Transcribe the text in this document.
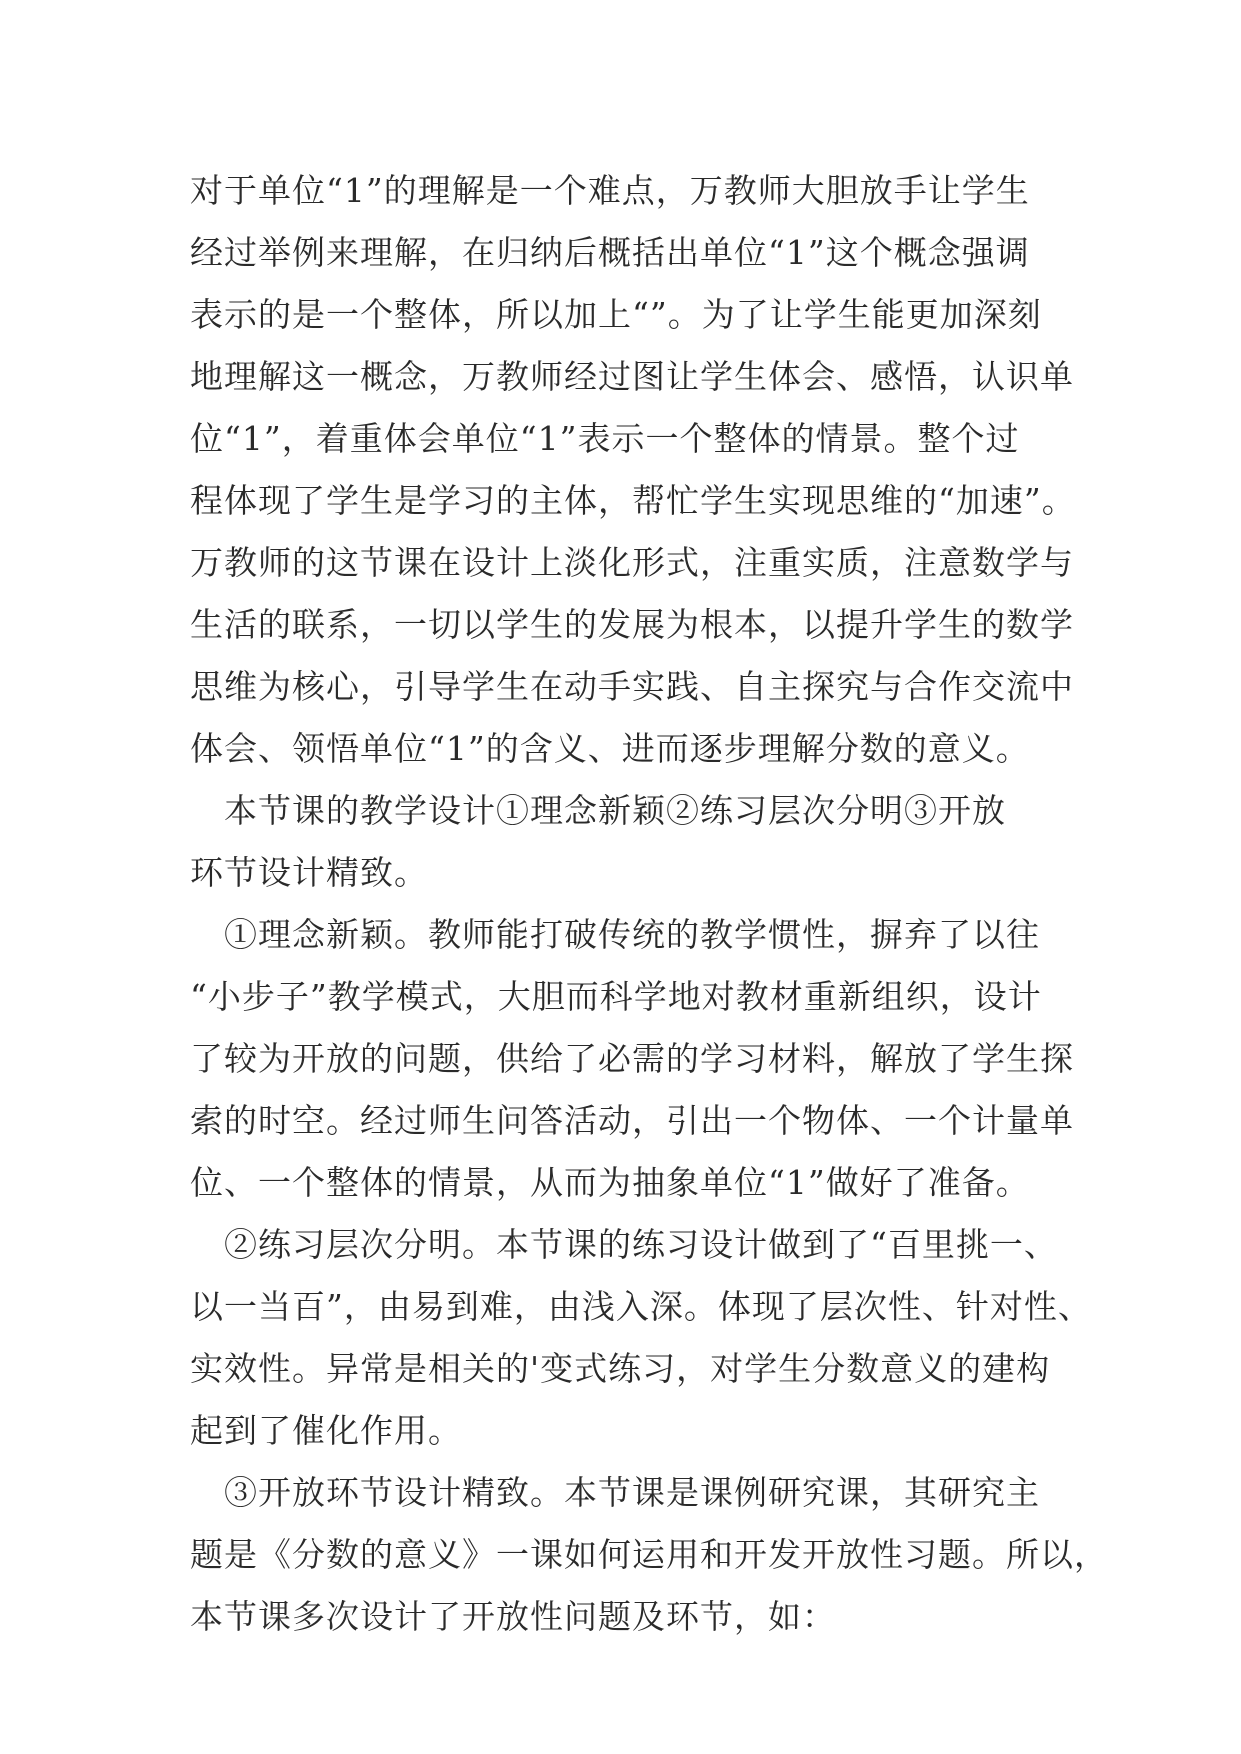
对于单位“1”的理解是一个难点，万教师大胆放手让学生
经过举例来理解，在归纳后概括出单位“1”这个概念强调
表示的是一个整体，所以加上“”。为了让学生能更加深刻
地理解这一概念，万教师经过图让学生体会、感悟，认识单
位“1”，着重体会单位“1”表示一个整体的情景。整个过
程体现了学生是学习的主体，帮忙学生实现思维的“加速”。
万教师的这节课在设计上淡化形式，注重实质，注意数学与
生活的联系，一切以学生的发展为根本，以提升学生的数学
思维为核心，引导学生在动手实践、自主探究与合作交流中
体会、领悟单位“1”的含义、进而逐步理解分数的意义。
　本节课的教学设计①理念新颖②练习层次分明③开放
环节设计精致。
　①理念新颖。教师能打破传统的教学惯性，摒弃了以往
“小步子”教学模式，大胆而科学地对教材重新组织，设计
了较为开放的问题，供给了必需的学习材料，解放了学生探
索的时空。经过师生问答活动，引出一个物体、一个计量单
位、一个整体的情景，从而为抽象单位“1”做好了准备。
　②练习层次分明。本节课的练习设计做到了“百里挑一、
以一当百”，由易到难，由浅入深。体现了层次性、针对性、
实效性。异常是相关的'变式练习，对学生分数意义的建构
起到了催化作用。
　③开放环节设计精致。本节课是课例研究课，其研究主
题是《分数的意义》一课如何运用和开发开放性习题。所以，
本节课多次设计了开放性问题及环节，如：
